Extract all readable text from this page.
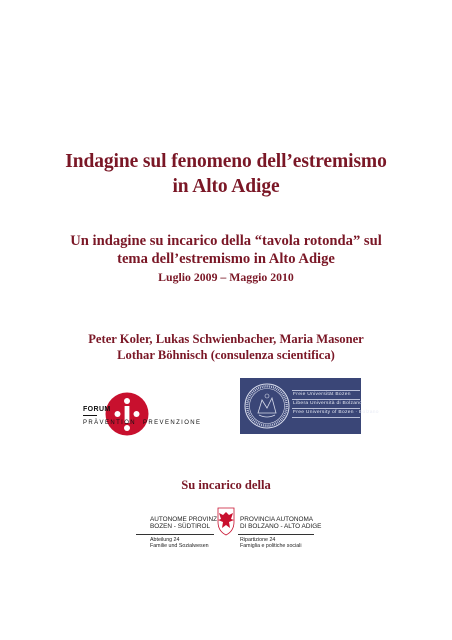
Indagine sul fenomeno dell’estremismo
in Alto Adige
Un indagine su incarico della “tavola rotonda” sul
tema dell’estremismo in Alto Adige
Luglio 2009 – Maggio 2010
Peter Koler, Lukas Schwienbacher, Maria Masoner
Lothar Böhnisch (consulenza scientifica)
FORUM
PRÄVENTION PREVENZIONE
Freie Universität Bozen
Libera Università di Bolzano
Free University of Bozen · Bolzano
Su incarico della
AUTONOME PROVINZ
BOZEN - SÜDTIROL
PROVINCIA AUTONOMA
DI BOLZANO - ALTO ADIGE
Abteilung 24
Familie und Sozialwesen
Ripartizione 24
Famiglia e politiche sociali
